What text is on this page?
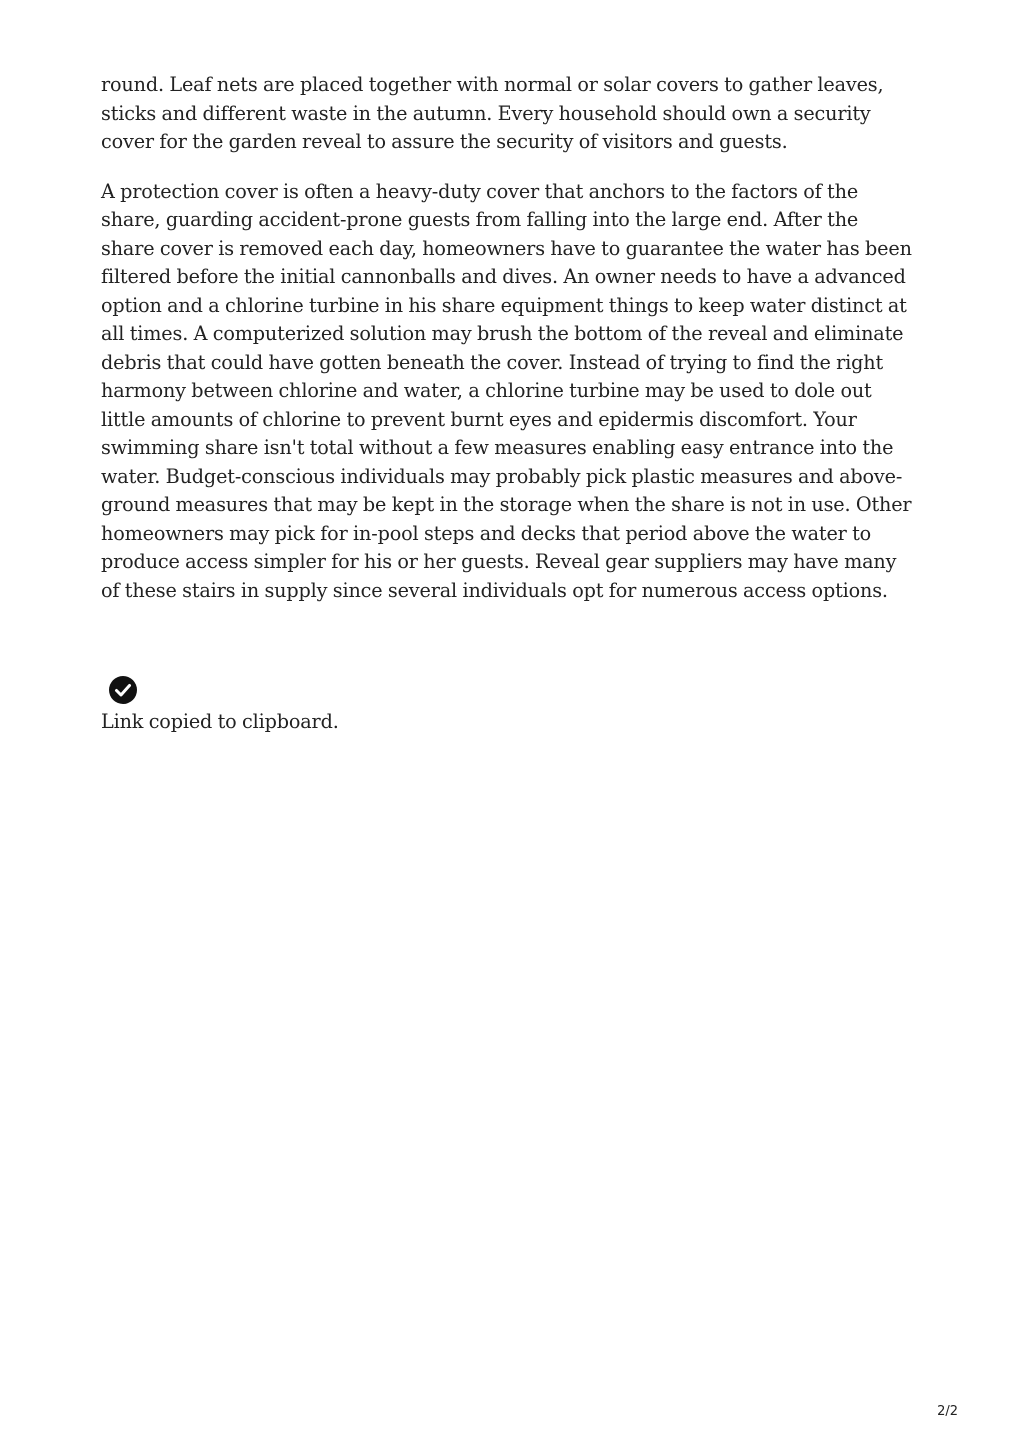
round. Leaf nets are placed together with normal or solar covers to gather leaves, sticks and different waste in the autumn. Every household should own a security cover for the garden reveal to assure the security of visitors and guests.

A protection cover is often a heavy-duty cover that anchors to the factors of the share, guarding accident-prone guests from falling into the large end. After the share cover is removed each day, homeowners have to guarantee the water has been filtered before the initial cannonballs and dives. An owner needs to have a advanced option and a chlorine turbine in his share equipment things to keep water distinct at all times. A computerized solution may brush the bottom of the reveal and eliminate debris that could have gotten beneath the cover. Instead of trying to find the right harmony between chlorine and water, a chlorine turbine may be used to dole out little amounts of chlorine to prevent burnt eyes and epidermis discomfort. Your swimming share isn't total without a few measures enabling easy entrance into the water. Budget-conscious individuals may probably pick plastic measures and above-ground measures that may be kept in the storage when the share is not in use. Other homeowners may pick for in-pool steps and decks that period above the water to produce access simpler for his or her guests. Reveal gear suppliers may have many of these stairs in supply since several individuals opt for numerous access options.

Link copied to clipboard.
2/2
